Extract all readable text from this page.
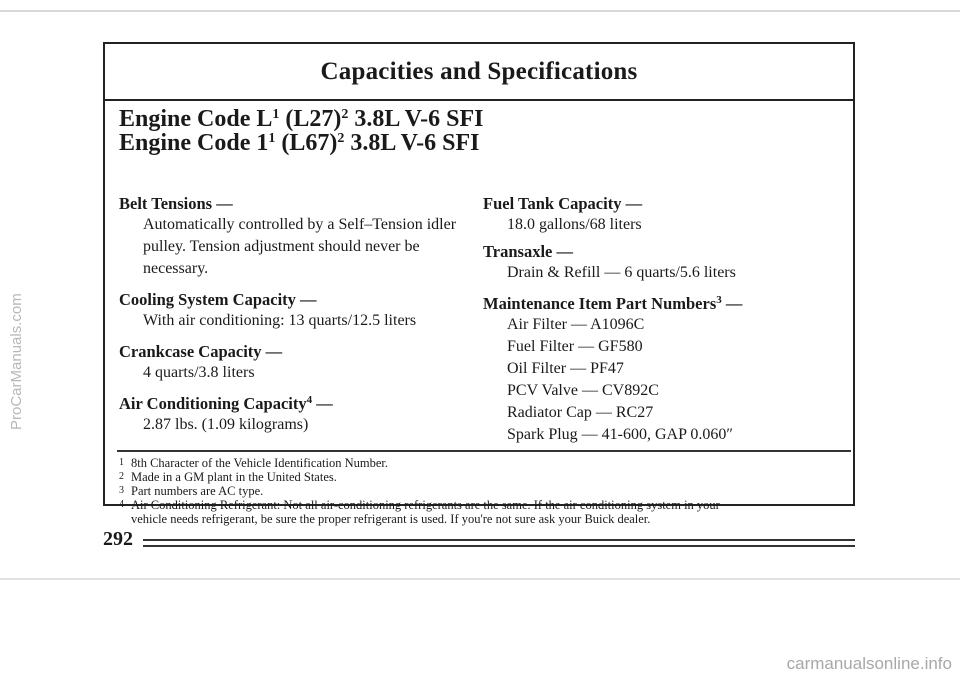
Capacities and Specifications
Engine Code $L^1$ $(L27)^2$ 3.8L V-6 SFI
Engine Code $1^1$ $(L67)^2$ 3.8L V-6 SFI
Belt Tensions —
Automatically controlled by a Self–Tension idler
pulley. Tension adjustment should never be
necessary.
Cooling System Capacity —
With air conditioning: 13 quarts/12.5 liters
Crankcase Capacity —
4 quarts/3.8 liters
Air Conditioning Capacity$^4$ —
2.87 lbs. (1.09 kilograms)
Fuel Tank Capacity —
18.0 gallons/68 liters
Transaxle —
Drain & Refill — 6 quarts/5.6 liters
Maintenance Item Part Numbers$^3$ —
Air Filter — A1096C
Fuel Filter — GF580
Oil Filter — PF47
PCV Valve — CV892C
Radiator Cap — RC27
Spark Plug — 41-600, GAP 0.060″
1 8th Character of the Vehicle Identification Number.
2 Made in a GM plant in the United States.
3 Part numbers are AC type.
4 Air Conditioning Refrigerant: Not all air-conditioning refrigerants are the same. If the air conditioning system in your
vehicle needs refrigerant, be sure the proper refrigerant is used. If you're not sure ask your Buick dealer.
292
ProCarManuals.com
carmanualsonline.info
